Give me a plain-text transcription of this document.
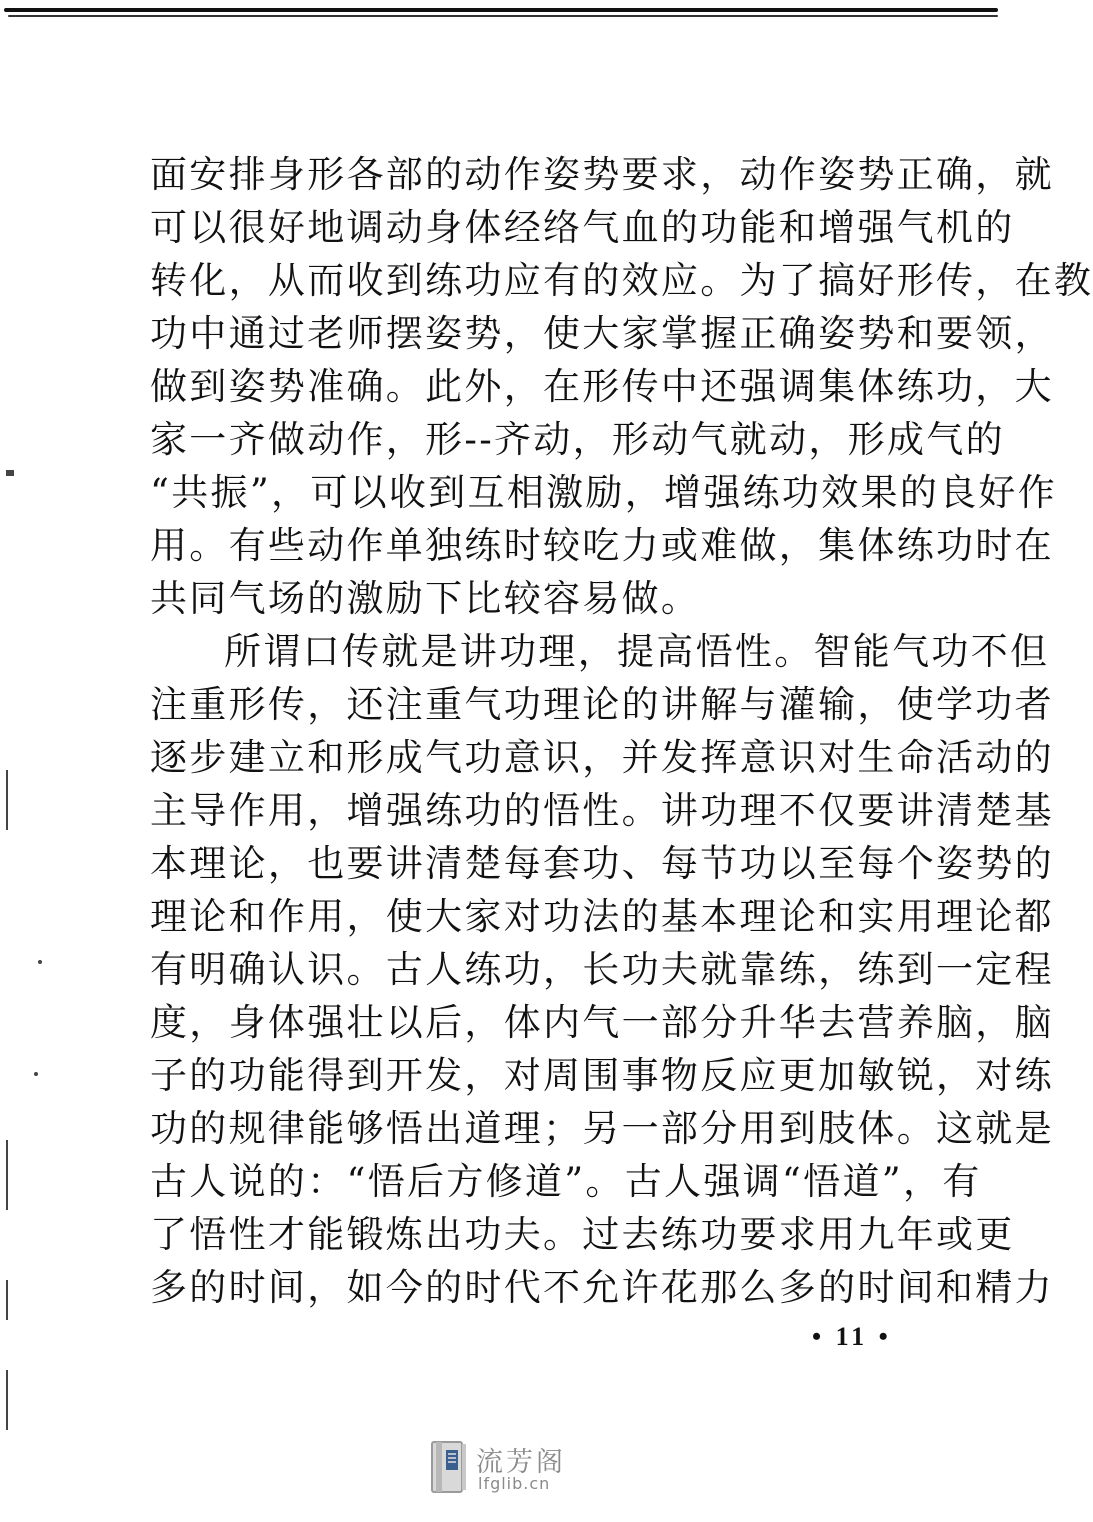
面安排身形各部的动作姿势要求，动作姿势正确，就
可以很好地调动身体经络气血的功能和增强气机的
转化，从而收到练功应有的效应。为了搞好形传，在教
功中通过老师摆姿势，使大家掌握正确姿势和要领，
做到姿势准确。此外，在形传中还强调集体练功，大
家一齐做动作，形--齐动，形动气就动，形成气的
“共振”，可以收到互相激励，增强练功效果的良好作
用。有些动作单独练时较吃力或难做，集体练功时在
共同气场的激励下比较容易做。
所谓口传就是讲功理，提高悟性。智能气功不但
注重形传，还注重气功理论的讲解与灌输，使学功者
逐步建立和形成气功意识，并发挥意识对生命活动的
主导作用，增强练功的悟性。讲功理不仅要讲清楚基
本理论，也要讲清楚每套功、每节功以至每个姿势的
理论和作用，使大家对功法的基本理论和实用理论都
有明确认识。古人练功，长功夫就靠练，练到一定程
度，身体强壮以后，体内气一部分升华去营养脑，脑
子的功能得到开发，对周围事物反应更加敏锐，对练
功的规律能够悟出道理；另一部分用到肢体。这就是
古人说的：“悟后方修道”。古人强调“悟道”，有
了悟性才能锻炼出功夫。过去练功要求用九年或更
多的时间，如今的时代不允许花那么多的时间和精力
• 11 •
流芳阁
lfglib.cn
